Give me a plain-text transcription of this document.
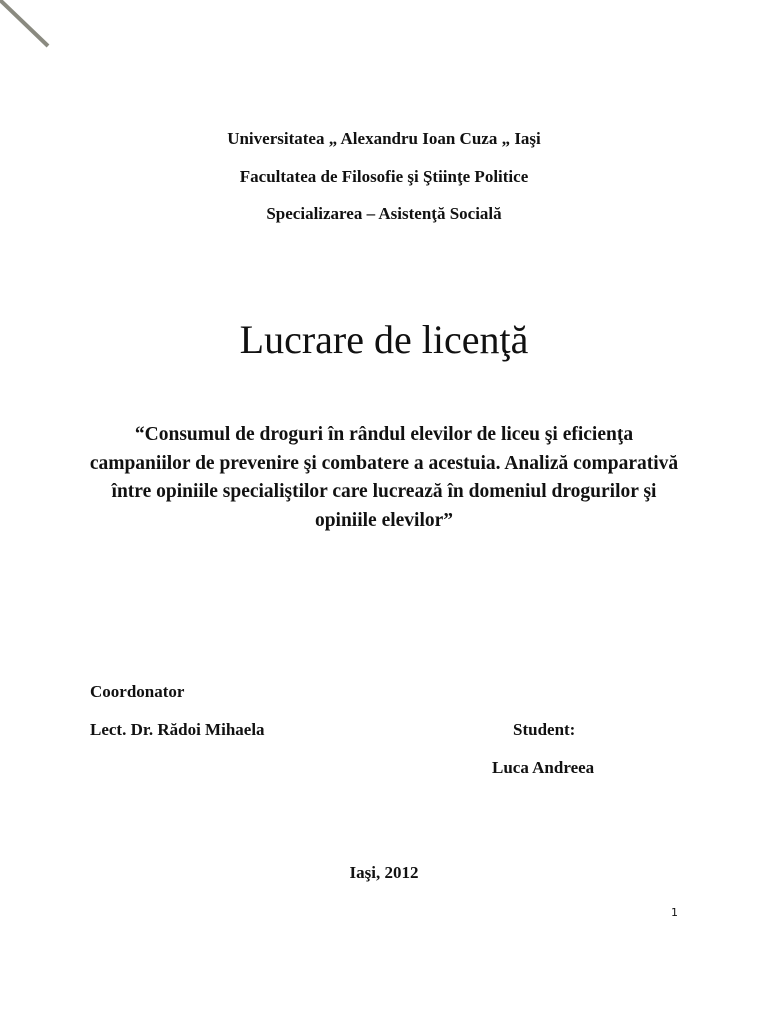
Universitatea „ Alexandru Ioan Cuza „ Iaşi
Facultatea de Filosofie şi Ştiinţe Politice
Specializarea – Asistenţă Socială
Lucrare de licenţă
“Consumul de droguri în rândul elevilor de liceu şi eficienţa campaniilor de prevenire şi combatere a acestuia. Analiză comparativă între opiniile specialiştilor care lucrează în domeniul drogurilor şi opiniile elevilor”
Coordonator
Lect. Dr. Rădoi Mihaela	Student:
Luca Andreea
Iaşi, 2012
1
